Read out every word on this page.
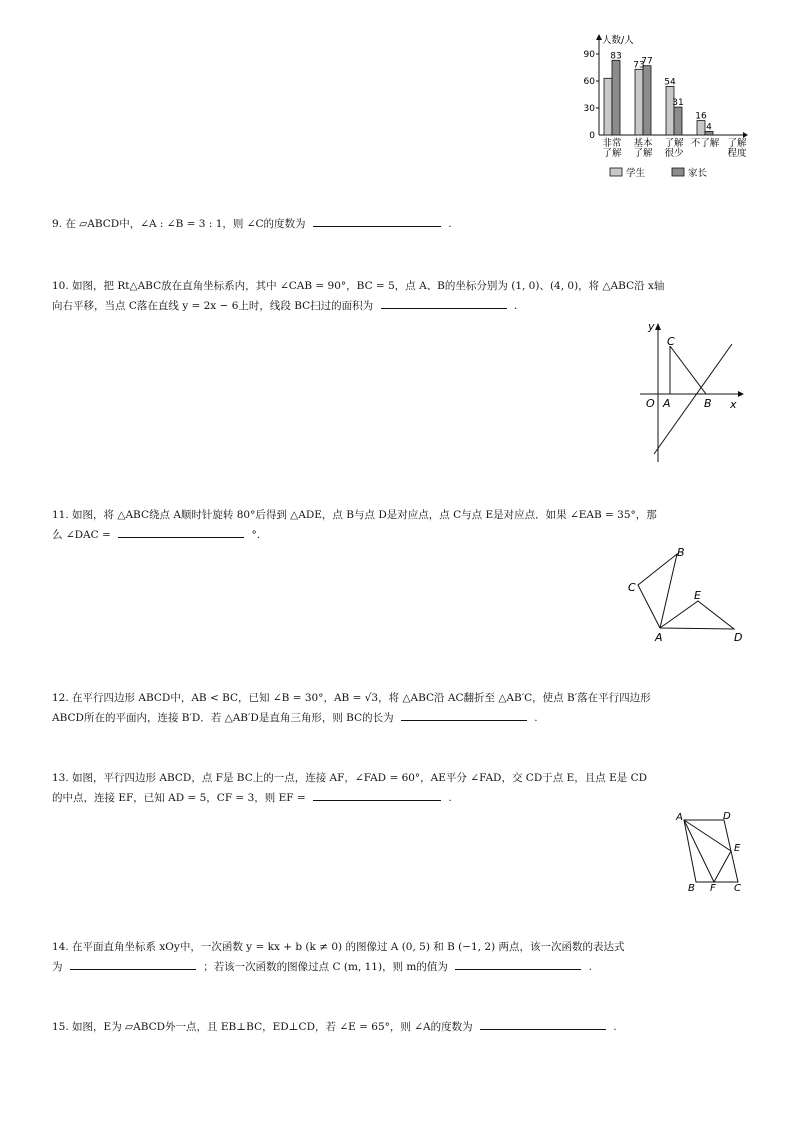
人数/人
0
30
60
90 83
非常
了解
73
77
基本
了解
54
31
了解
很少
16
4
不了解 了解
程度
学生	家长
9. 在 ▱ABCD中，∠A : ∠B = 3 : 1，则 ∠C的度数为	.
10. 如图，把 Rt△ABC放在直角坐标系内，其中 ∠CAB = 90°，BC = 5，点 A、B的坐标分别为 (1, 0)、(4, 0)，将 △ABC沿 x轴
向右平移，当点 C落在直线 y = 2x − 6上时，线段 BC扫过的面积为	.
y
x
O A	B
C
11. 如图，将 △ABC绕点 A顺时针旋转 80°后得到 △ADE，点 B与点 D是对应点，点 C与点 E是对应点．如果 ∠EAB = 35°，那
么 ∠DAC =	°.
A
B
C
D
E
12. 在平行四边形 ABCD中，AB < BC，已知 ∠B = 30°，AB = √3，将 △ABC沿 AC翻折至 △AB′C，使点 B′落在平行四边形
ABCD所在的平面内，连接 B′D．若 △AB′D是直角三角形，则 BC的长为	.
13. 如图，平行四边形 ABCD，点 F是 BC上的一点，连接 AF，∠FAD = 60°，AE平分 ∠FAD，交 CD于点 E，且点 E是 CD
的中点，连接 EF，已知 AD = 5，CF = 3，则 EF =	.
A	D
E
B F C
14. 在平面直角坐标系 xOy中，一次函数 y = kx + b (k ≠ 0) 的图像过 A (0, 5) 和 B (−1, 2) 两点，该一次函数的表达式
为	；若该一次函数的图像过点 C (m, 11)，则 m的值为	.
15. 如图，E为 ▱ABCD外一点，且 EB⊥BC，ED⊥CD，若 ∠E = 65°，则 ∠A的度数为	.
